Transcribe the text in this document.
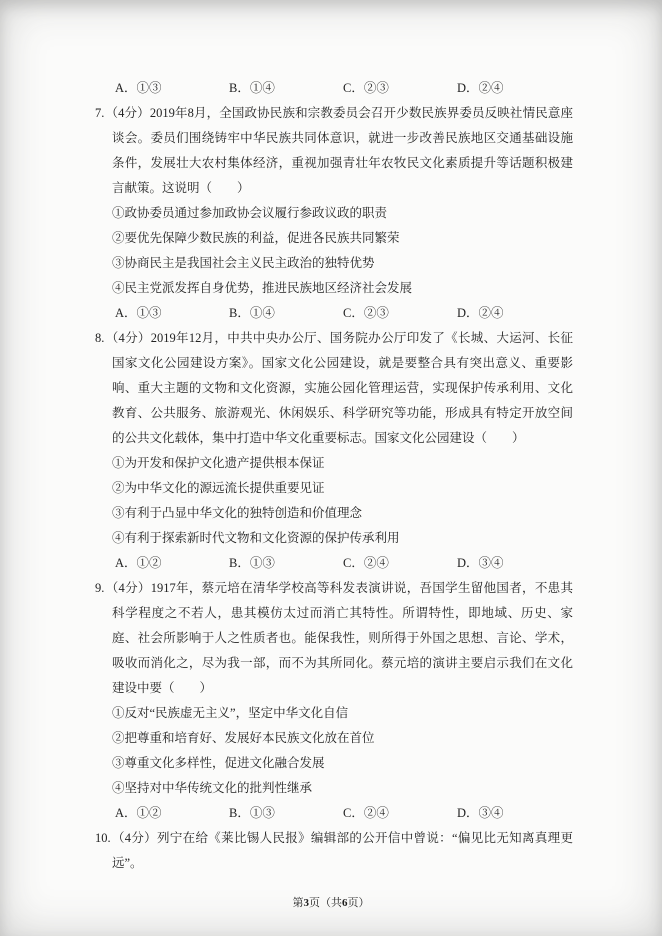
A．①③	B．①④	C．②③	D．②④

7.（4分）2019年8月，全国政协民族和宗教委员会召开少数民族界委员反映社情民意座谈会。委员们围绕铸牢中华民族共同体意识，就进一步改善民族地区交通基础设施条件，发展壮大农村集体经济，重视加强青壮年农牧民文化素质提升等话题积极建言献策。这说明（　　）

①政协委员通过参加政协会议履行参政议政的职责

②要优先保障少数民族的利益，促进各民族共同繁荣

③协商民主是我国社会主义民主政治的独特优势

④民主党派发挥自身优势，推进民族地区经济社会发展

A．①③	B．①④	C．②③	D．②④

8.（4分）2019年12月，中共中央办公厅、国务院办公厅印发了《长城、大运河、长征国家文化公园建设方案》。国家文化公园建设，就是要整合具有突出意义、重要影响、重大主题的文物和文化资源，实施公园化管理运营，实现保护传承利用、文化教育、公共服务、旅游观光、休闲娱乐、科学研究等功能，形成具有特定开放空间的公共文化载体，集中打造中华文化重要标志。国家文化公园建设（　　）

①为开发和保护文化遗产提供根本保证

②为中华文化的源远流长提供重要见证

③有利于凸显中华文化的独特创造和价值理念

④有利于探索新时代文物和文化资源的保护传承利用

A．①②	B．①③	C．②④	D．③④

9.（4分）1917年，蔡元培在清华学校高等科发表演讲说，吾国学生留他国者，不患其科学程度之不若人，患其模仿太过而消亡其特性。所谓特性，即地域、历史、家庭、社会所影响于人之性质者也。能保我性，则所得于外国之思想、言论、学术，吸收而消化之，尽为我一部，而不为其所同化。蔡元培的演讲主要启示我们在文化建设中要（　　）

①反对“民族虚无主义”，坚定中华文化自信

②把尊重和培育好、发展好本民族文化放在首位

③尊重文化多样性，促进文化融合发展

④坚持对中华传统文化的批判性继承

A．①②	B．①③	C．②④	D．③④

10.（4分）列宁在给《莱比锡人民报》编辑部的公开信中曾说：“偏见比无知离真理更远”。

第3页（共6页）
